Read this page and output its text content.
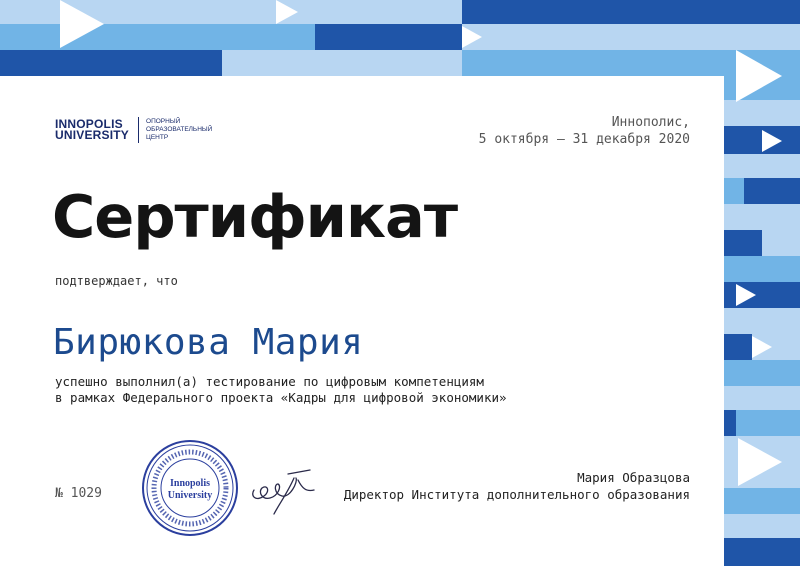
INNOPOLIS
UNIVERSITY
ОПОРНЫЙ
ОБРАЗОВАТЕЛЬНЫЙ
ЦЕНТР
Иннополис,
5 октября — 31 декабря 2020
Сертификат
подтверждает, что
Бирюкова Мария
успешно выполнил(а) тестирование по цифровым компетенциям
в рамках Федерального проекта «Кадры для цифровой экономики»
№ 1029
Innopolis
University
Мария Образцова
Директор Института дополнительного образования
